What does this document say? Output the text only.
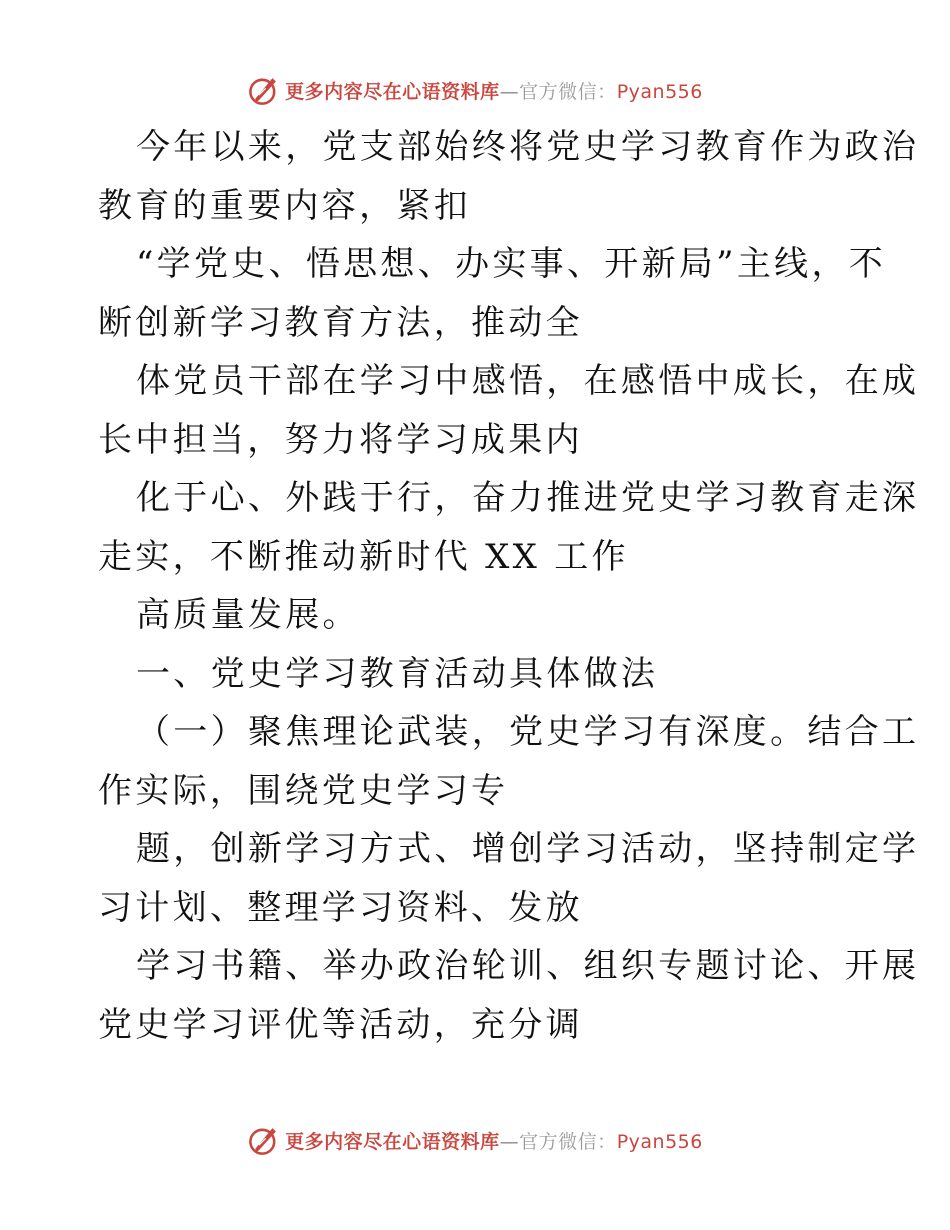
更多内容尽在心语资料库—官方微信：Pyan556
今年以来，党支部始终将党史学习教育作为政治
教育的重要内容，紧扣
“学党史、悟思想、办实事、开新局”主线，不
断创新学习教育方法，推动全
体党员干部在学习中感悟，在感悟中成长，在成
长中担当，努力将学习成果内
化于心、外践于行，奋力推进党史学习教育走深
走实，不断推动新时代 XX 工作
高质量发展。
一、党史学习教育活动具体做法
（一）聚焦理论武装，党史学习有深度。结合工
作实际，围绕党史学习专
题，创新学习方式、增创学习活动，坚持制定学
习计划、整理学习资料、发放
学习书籍、举办政治轮训、组织专题讨论、开展
党史学习评优等活动，充分调
更多内容尽在心语资料库—官方微信：Pyan556
